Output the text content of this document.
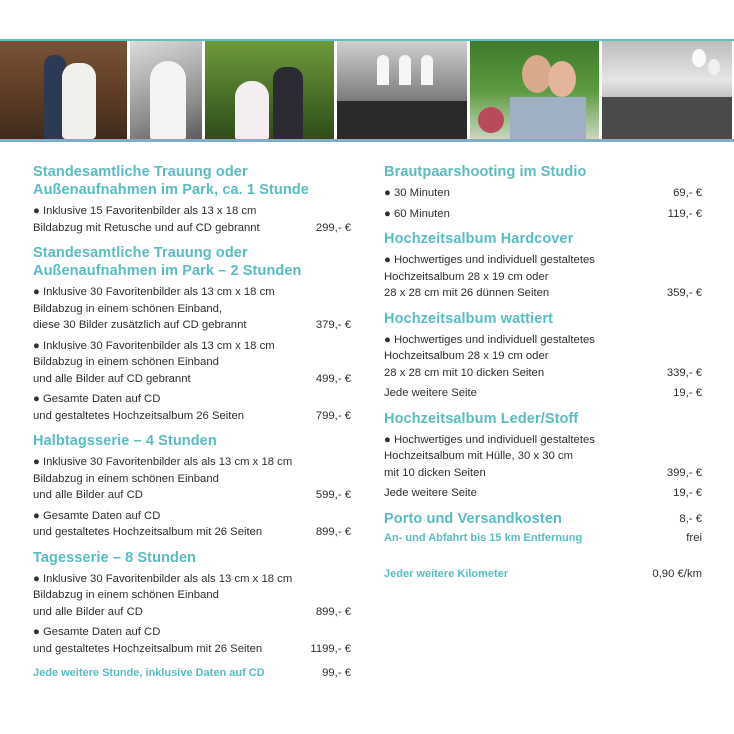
Standesamtliche Trauung oder Außenaufnahmen im Park, ca. 1 Stunde
● Inklusive 15 Favoritenbilder als 13 x 18 cm
Bildabzug mit Retusche und auf CD gebrannt	299,- €
Standesamtliche Trauung oder Außenaufnahmen im Park – 2 Stunden
● Inklusive 30 Favoritenbilder als 13 cm x 18 cm
Bildabzug in einem schönen Einband,
diese 30 Bilder zusätzlich auf CD gebrannt	379,- €
● Inklusive 30 Favoritenbilder als 13 cm x 18 cm
Bildabzug in einem schönen Einband
und alle Bilder auf CD gebrannt	499,- €
● Gesamte Daten auf CD
und gestaltetes Hochzeitsalbum 26 Seiten	799,- €
Halbtagsserie – 4 Stunden
● Inklusive 30 Favoritenbilder als als 13 cm x 18 cm
Bildabzug in einem schönen Einband
und alle Bilder auf CD	599,- €
● Gesamte Daten auf CD
und gestaltetes Hochzeitsalbum mit 26 Seiten	899,- €
Tagesserie – 8 Stunden
● Inklusive 30 Favoritenbilder als als 13 cm x 18 cm
Bildabzug in einem schönen Einband
und alle Bilder auf CD	899,- €
● Gesamte Daten auf CD
und gestaltetes Hochzeitsalbum mit 26 Seiten	1199,- €
Jede weitere Stunde, inklusive Daten auf CD	99,- €
Brautpaarshooting im Studio
● 30 Minuten	69,- €
● 60 Minuten	119,- €
Hochzeitsalbum Hardcover
● Hochwertiges und individuell gestaltetes
Hochzeitsalbum 28 x 19 cm oder
28 x 28 cm mit 26 dünnen Seiten	359,- €
Hochzeitsalbum wattiert
● Hochwertiges und individuell gestaltetes
Hochzeitsalbum 28 x 19 cm oder
28 x 28 cm mit 10 dicken Seiten	339,- €
Jede weitere Seite	19,- €
Hochzeitsalbum Leder/Stoff
● Hochwertiges und individuell gestaltetes
Hochzeitsalbum mit Hülle, 30 x 30 cm
mit 10 dicken Seiten	399,- €
Jede weitere Seite	19,- €
Porto und Versandkosten	8,- €
An- und Abfahrt bis 15 km Entfernung	frei
Jeder weitere Kilometer	0,90 €/km
